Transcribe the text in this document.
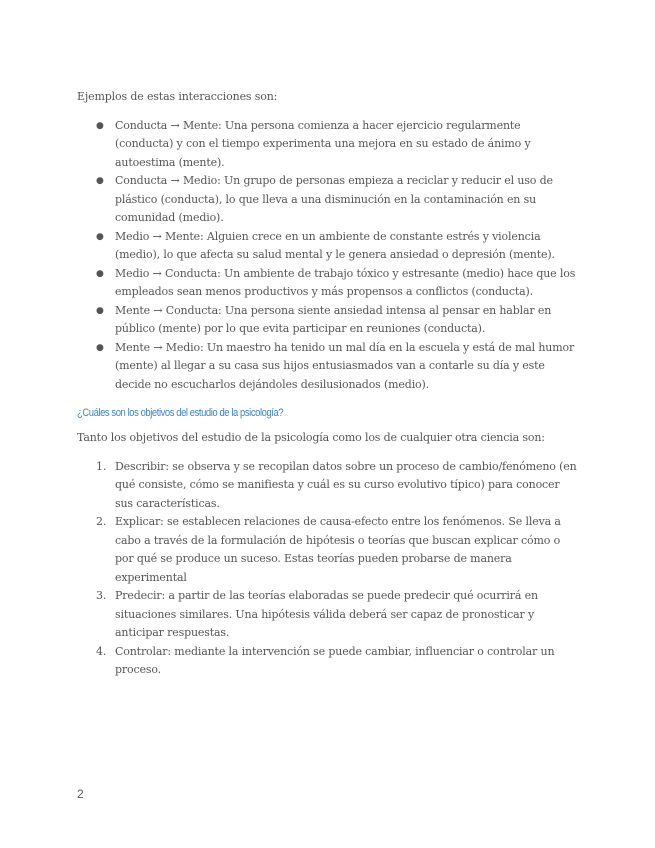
Ejemplos de estas interacciones son:

● Conducta → Mente: Una persona comienza a hacer ejercicio regularmente (conducta) y con el tiempo experimenta una mejora en su estado de ánimo y autoestima (mente).
● Conducta → Medio: Un grupo de personas empieza a reciclar y reducir el uso de plástico (conducta), lo que lleva a una disminución en la contaminación en su comunidad (medio).
● Medio → Mente: Alguien crece en un ambiente de constante estrés y violencia (medio), lo que afecta su salud mental y le genera ansiedad o depresión (mente).
● Medio → Conducta: Un ambiente de trabajo tóxico y estresante (medio) hace que los empleados sean menos productivos y más propensos a conflictos (conducta).
● Mente → Conducta: Una persona siente ansiedad intensa al pensar en hablar en público (mente) por lo que evita participar en reuniones (conducta).
● Mente → Medio: Un maestro ha tenido un mal día en la escuela y está de mal humor (mente) al llegar a su casa sus hijos entusiasmados van a contarle su día y este decide no escucharlos dejándoles desilusionados (medio).
¿Cuáles son los objetivos del estudio de la psicología?

Tanto los objetivos del estudio de la psicología como los de cualquier otra ciencia son:

1. Describir: se observa y se recopilan datos sobre un proceso de cambio/fenómeno (en qué consiste, cómo se manifiesta y cuál es su curso evolutivo típico) para conocer sus características.
2. Explicar: se establecen relaciones de causa-efecto entre los fenómenos. Se lleva a cabo a través de la formulación de hipótesis o teorías que buscan explicar cómo o por qué se produce un suceso. Estas teorías pueden probarse de manera experimental
3. Predecir: a partir de las teorías elaboradas se puede predecir qué ocurrirá en situaciones similares. Una hipótesis válida deberá ser capaz de pronosticar y anticipar respuestas.
4. Controlar: mediante la intervención se puede cambiar, influenciar o controlar un proceso.
2
